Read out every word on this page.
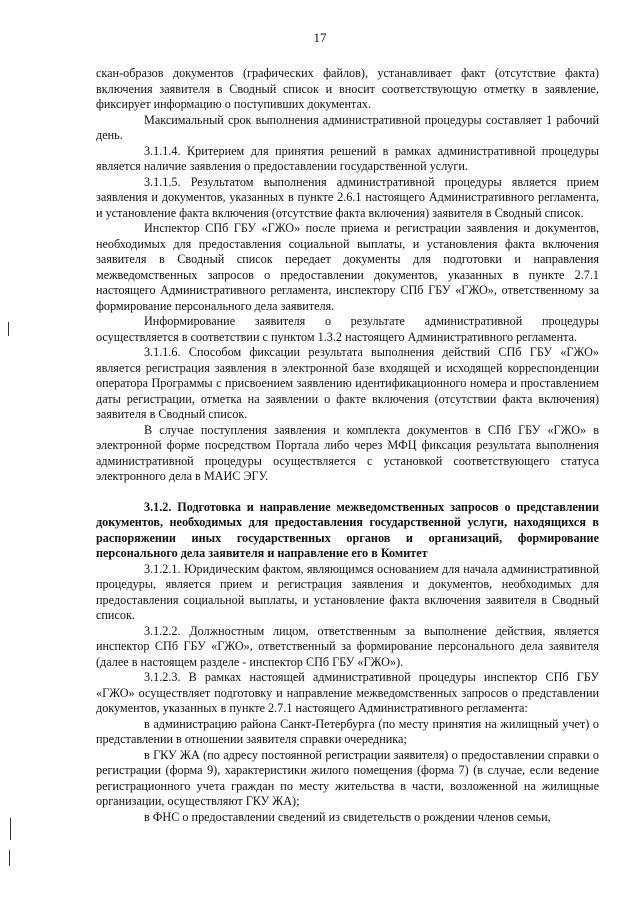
17

скан-образов документов (графических файлов), устанавливает факт (отсутствие факта) включения заявителя в Сводный список и вносит соответствующую отметку в заявление, фиксирует информацию о поступивших документах.

Максимальный срок выполнения административной процедуры составляет 1 рабочий день.

3.1.1.4. Критерием для принятия решений в рамках административной процедуры является наличие заявления о предоставлении государственной услуги.

3.1.1.5. Результатом выполнения административной процедуры является прием заявления и документов, указанных в пункте 2.6.1 настоящего Административного регламента, и установление факта включения (отсутствие факта включения) заявителя в Сводный список.

Инспектор СПб ГБУ «ГЖО» после приема и регистрации заявления и документов, необходимых для предоставления социальной выплаты, и установления факта включения заявителя в Сводный список передает документы для подготовки и направления межведомственных запросов о предоставлении документов, указанных в пункте 2.7.1 настоящего Административного регламента, инспектору СПб ГБУ «ГЖО», ответственному за формирование персонального дела заявителя.

Информирование заявителя о результате административной процедуры осуществляется в соответствии с пунктом 1.3.2 настоящего Административного регламента.

3.1.1.6. Способом фиксации результата выполнения действий СПб ГБУ «ГЖО» является регистрация заявления в электронной базе входящей и исходящей корреспонденции оператора Программы с присвоением заявлению идентификационного номера и проставлением даты регистрации, отметка на заявлении о факте включения (отсутствии факта включения) заявителя в Сводный список.

В случае поступления заявления и комплекта документов в СПб ГБУ «ГЖО» в электронной форме посредством Портала либо через МФЦ фиксация результата выполнения административной процедуры осуществляется с установкой соответствующего статуса электронного дела в МАИС ЭГУ.

3.1.2. Подготовка и направление межведомственных запросов о представлении документов, необходимых для предоставления государственной услуги, находящихся в распоряжении иных государственных органов и организаций, формирование персонального дела заявителя и направление его в Комитет

3.1.2.1. Юридическим фактом, являющимся основанием для начала административной процедуры, является прием и регистрация заявления и документов, необходимых для предоставления социальной выплаты, и установление факта включения заявителя в Сводный список.

3.1.2.2. Должностным лицом, ответственным за выполнение действия, является инспектор СПб ГБУ «ГЖО», ответственный за формирование персонального дела заявителя (далее в настоящем разделе - инспектор СПб ГБУ «ГЖО»).

3.1.2.3. В рамках настоящей административной процедуры инспектор СПб ГБУ «ГЖО» осуществляет подготовку и направление межведомственных запросов о представлении документов, указанных в пункте 2.7.1 настоящего Административного регламента:

в администрацию района Санкт-Петербурга (по месту принятия на жилищный учет) о представлении в отношении заявителя справки очередника;

в ГКУ ЖА (по адресу постоянной регистрации заявителя) о предоставлении справки о регистрации (форма 9), характеристики жилого помещения (форма 7) (в случае, если ведение регистрационного учета граждан по месту жительства в части, возложенной на жилищные организации, осуществляют ГКУ ЖА);

в ФНС о предоставлении сведений из свидетельств о рождении членов семьи,
